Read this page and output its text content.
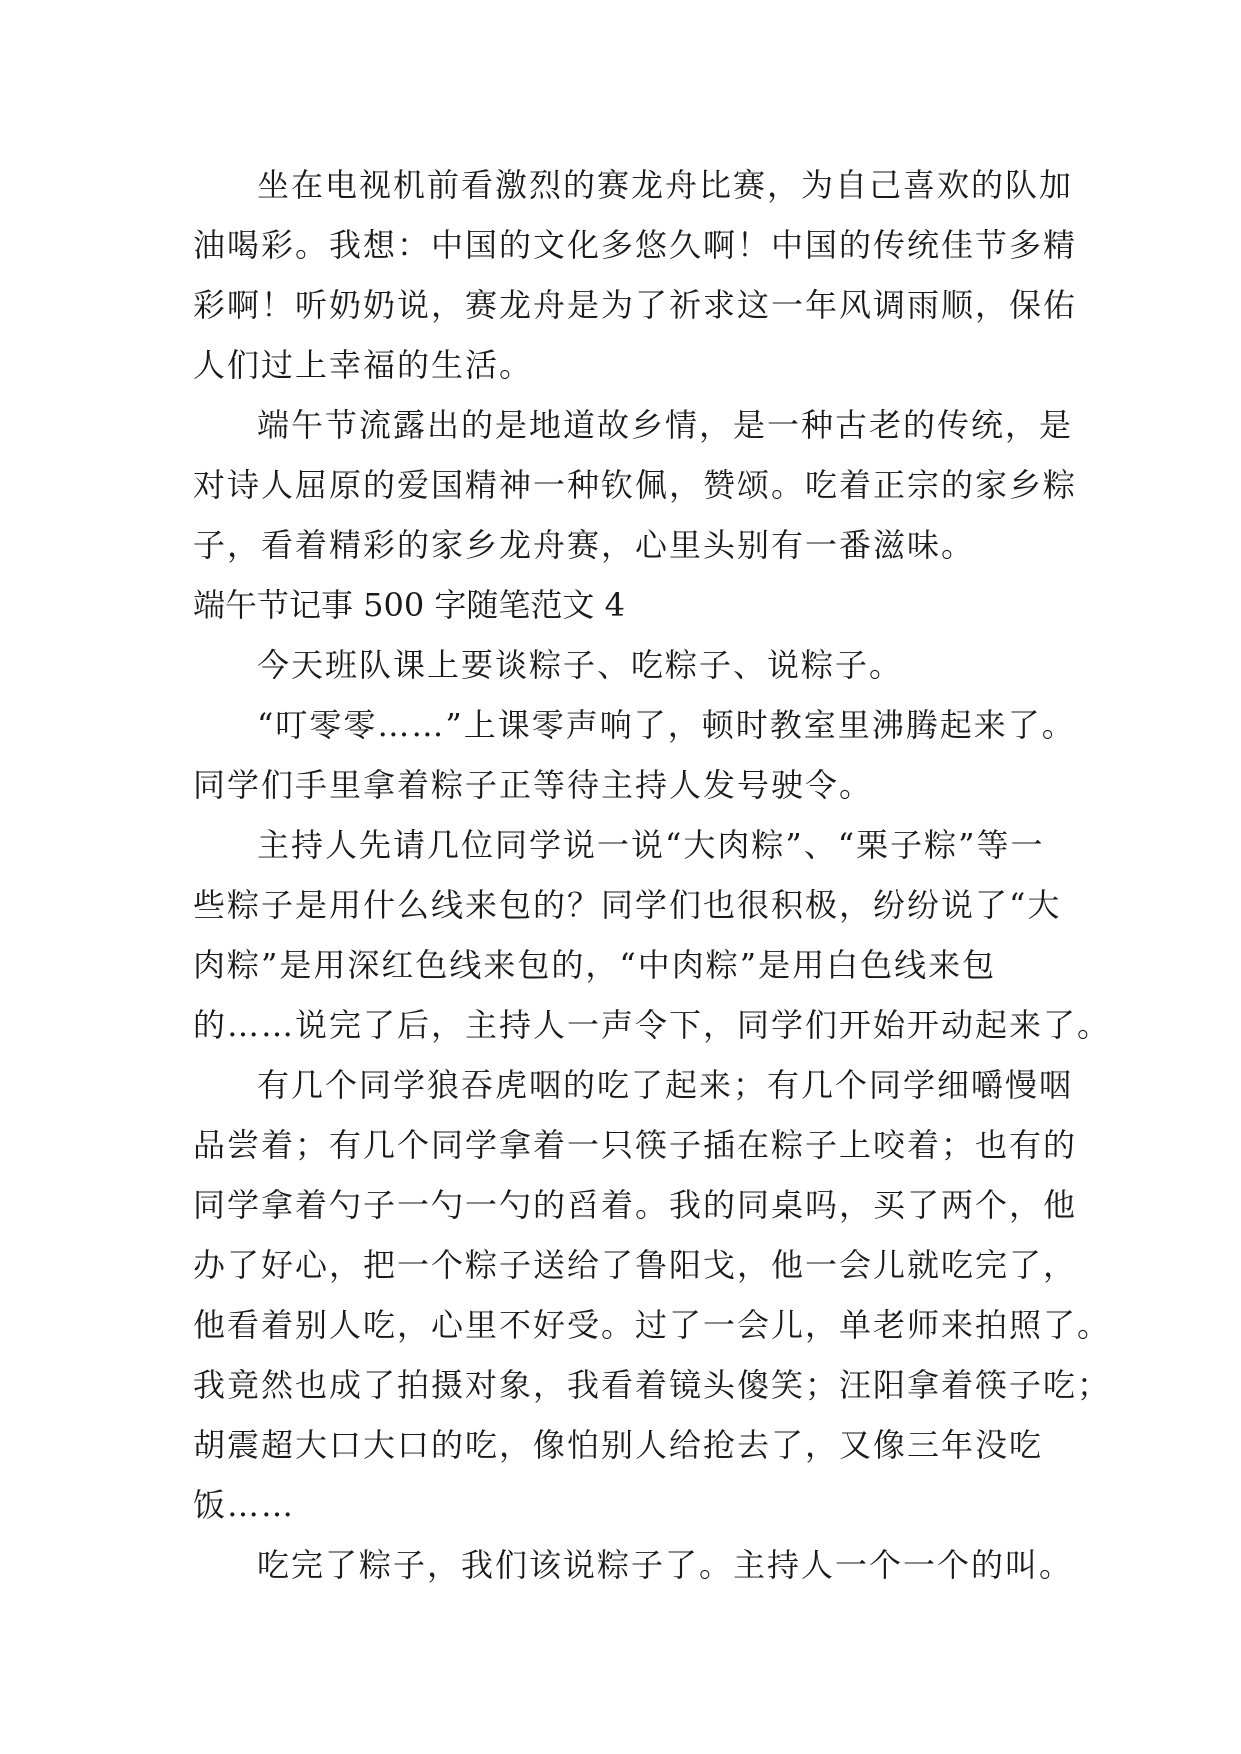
坐在电视机前看激烈的赛龙舟比赛，为自己喜欢的队加
油喝彩。我想：中国的文化多悠久啊！中国的传统佳节多精
彩啊！听奶奶说，赛龙舟是为了祈求这一年风调雨顺，保佑
人们过上幸福的生活。
端午节流露出的是地道故乡情，是一种古老的传统，是
对诗人屈原的爱国精神一种钦佩，赞颂。吃着正宗的家乡粽
子，看着精彩的家乡龙舟赛，心里头别有一番滋味。
端午节记事 500 字随笔范文 4
今天班队课上要谈粽子、吃粽子、说粽子。
“叮零零……”上课零声响了，顿时教室里沸腾起来了。
同学们手里拿着粽子正等待主持人发号驶令。
主持人先请几位同学说一说“大肉粽”、“栗子粽”等一
些粽子是用什么线来包的？同学们也很积极，纷纷说了“大
肉粽”是用深红色线来包的，“中肉粽”是用白色线来包
的……说完了后，主持人一声令下，同学们开始开动起来了。
有几个同学狼吞虎咽的吃了起来；有几个同学细嚼慢咽
品尝着；有几个同学拿着一只筷子插在粽子上咬着；也有的
同学拿着勺子一勺一勺的舀着。我的同桌吗，买了两个，他
办了好心，把一个粽子送给了鲁阳戈，他一会儿就吃完了，
他看着别人吃，心里不好受。过了一会儿，单老师来拍照了。
我竟然也成了拍摄对象，我看着镜头傻笑；汪阳拿着筷子吃；
胡震超大口大口的吃，像怕别人给抢去了，又像三年没吃
饭……
吃完了粽子，我们该说粽子了。主持人一个一个的叫。
